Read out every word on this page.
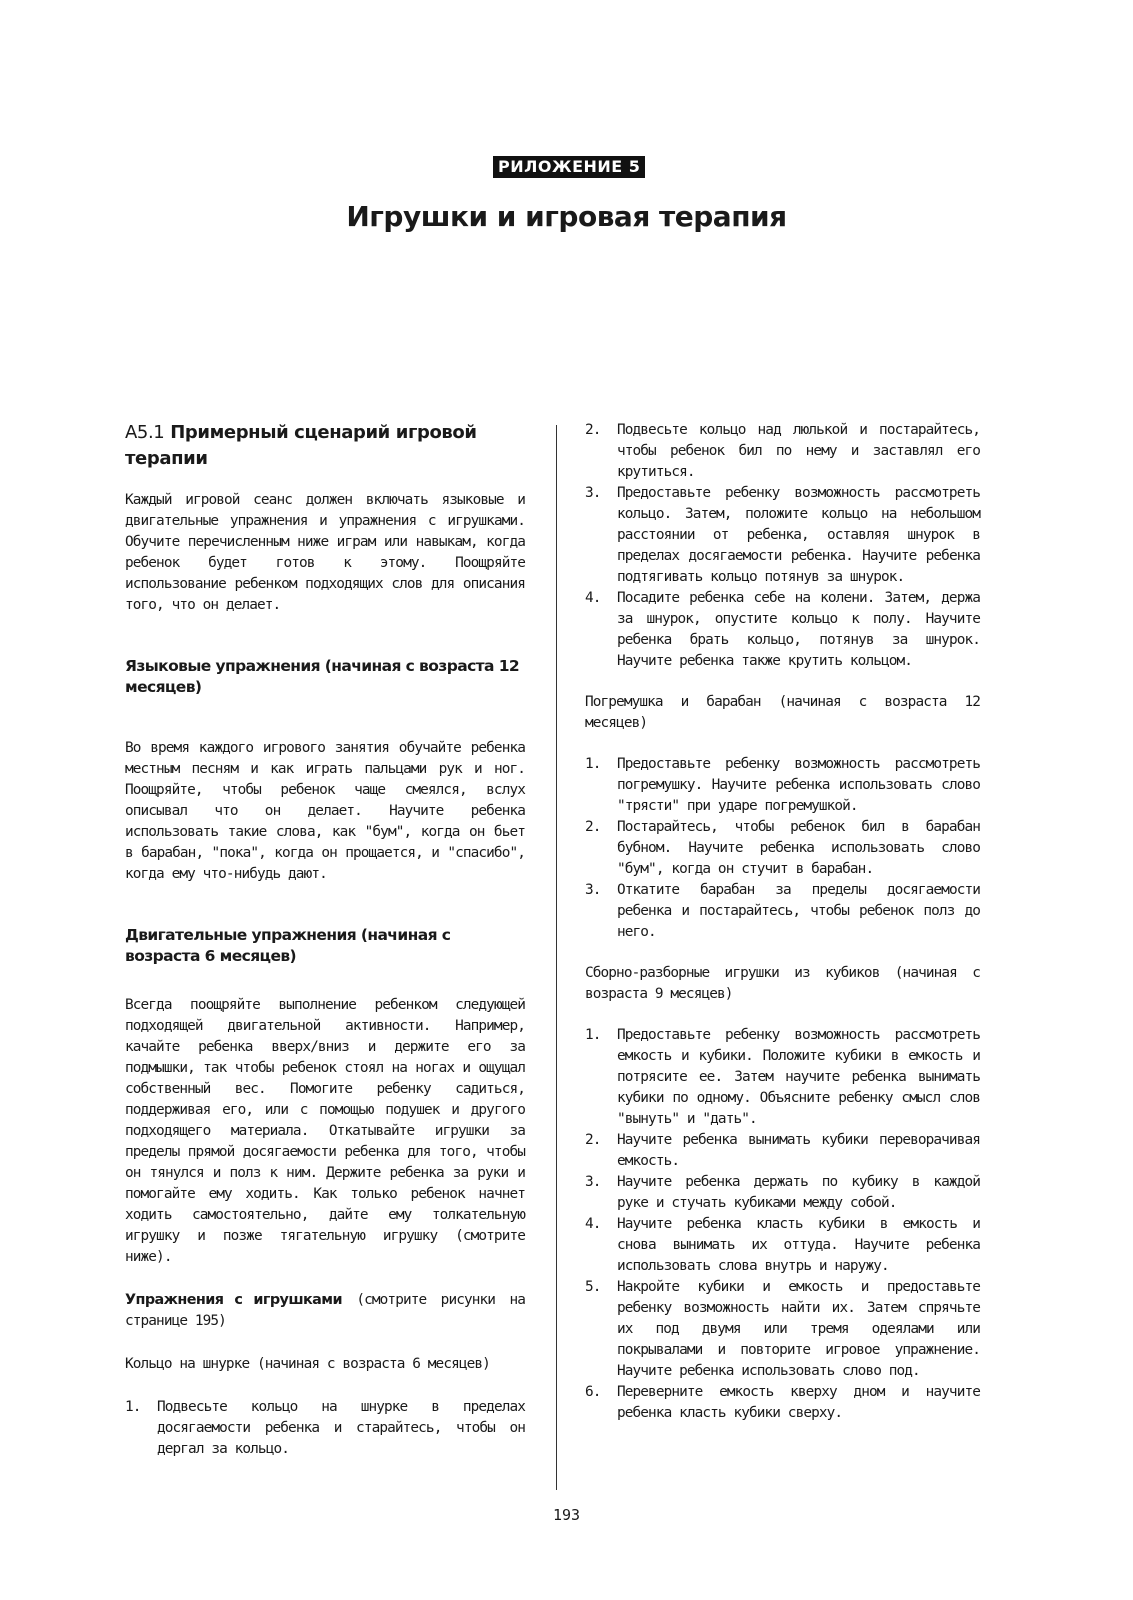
РИЛОЖЕНИЕ 5
Игрушки и игровая терапия
А5.1 Примерный сценарий игровой терапии

Каждый игровой сеанс должен включать языковые и двигательные упражнения и упражнения с игрушками. Обучите перечисленным ниже играм или навыкам, когда ребенок будет готов к этому. Поощряйте использование ребенком подходящих слов для описания того, что он делает.

Языковые упражнения (начиная с возраста 12 месяцев)

Во время каждого игрового занятия обучайте ребенка местным песням и как играть пальцами рук и ног. Поощряйте, чтобы ребенок чаще смеялся, вслух описывал что он делает. Научите ребенка использовать такие слова, как "бум", когда он бьет в барабан, "пока", когда он прощается, и "спасибо", когда ему что-нибудь дают.

Двигательные упражнения (начиная с возраста 6 месяцев)

Всегда поощряйте выполнение ребенком следующей подходящей двигательной активности. Например, качайте ребенка вверх/вниз и держите его за подмышки, так чтобы ребенок стоял на ногах и ощущал собственный вес. Помогите ребенку садиться, поддерживая его, или с помощью подушек и другого подходящего материала. Откатывайте игрушки за пределы прямой досягаемости ребенка для того, чтобы он тянулся и полз к ним. Держите ребенка за руки и помогайте ему ходить. Как только ребенок начнет ходить самостоятельно, дайте ему толкательную игрушку и позже тягательную игрушку (смотрите ниже).

Упражнения с игрушками (смотрите рисунки на странице 195)

Кольцо на шнурке (начиная с возраста 6 месяцев)

1. Подвесьте кольцо на шнурке в пределах досягаемости ребенка и старайтесь, чтобы он дергал за кольцо.
2. Подвесьте кольцо над люлькой и постарайтесь, чтобы ребенок бил по нему и заставлял его крутиться.
3. Предоставьте ребенку возможность рассмотреть кольцо. Затем, положите кольцо на небольшом расстоянии от ребенка, оставляя шнурок в пределах досягаемости ребенка. Научите ребенка подтягивать кольцо потянув за шнурок.
4. Посадите ребенка себе на колени. Затем, держа за шнурок, опустите кольцо к полу. Научите ребенка брать кольцо, потянув за шнурок. Научите ребенка также крутить кольцом.

Погремушка и барабан (начиная с возраста 12 месяцев)

1. Предоставьте ребенку возможность рассмотреть погремушку. Научите ребенка использовать слово "трясти" при ударе погремушкой.
2. Постарайтесь, чтобы ребенок бил в барабан бубном. Научите ребенка использовать слово "бум", когда он стучит в барабан.
3. Откатите барабан за пределы досягаемости ребенка и постарайтесь, чтобы ребенок полз до него.

Сборно-разборные игрушки из кубиков (начиная с возраста 9 месяцев)

1. Предоставьте ребенку возможность рассмотреть емкость и кубики. Положите кубики в емкость и потрясите ее. Затем научите ребенка вынимать кубики по одному. Объясните ребенку смысл слов "вынуть" и "дать".
2. Научите ребенка вынимать кубики переворачивая емкость.
3. Научите ребенка держать по кубику в каждой руке и стучать кубиками между собой.
4. Научите ребенка класть кубики в емкость и снова вынимать их оттуда. Научите ребенка использовать слова внутрь и наружу.
5. Накройте кубики и емкость и предоставьте ребенку возможность найти их. Затем спрячьте их под двумя или тремя одеялами или покрывалами и повторите игровое упражнение. Научите ребенка использовать слово под.
6. Переверните емкость кверху дном и научите ребенка класть кубики сверху.
193
